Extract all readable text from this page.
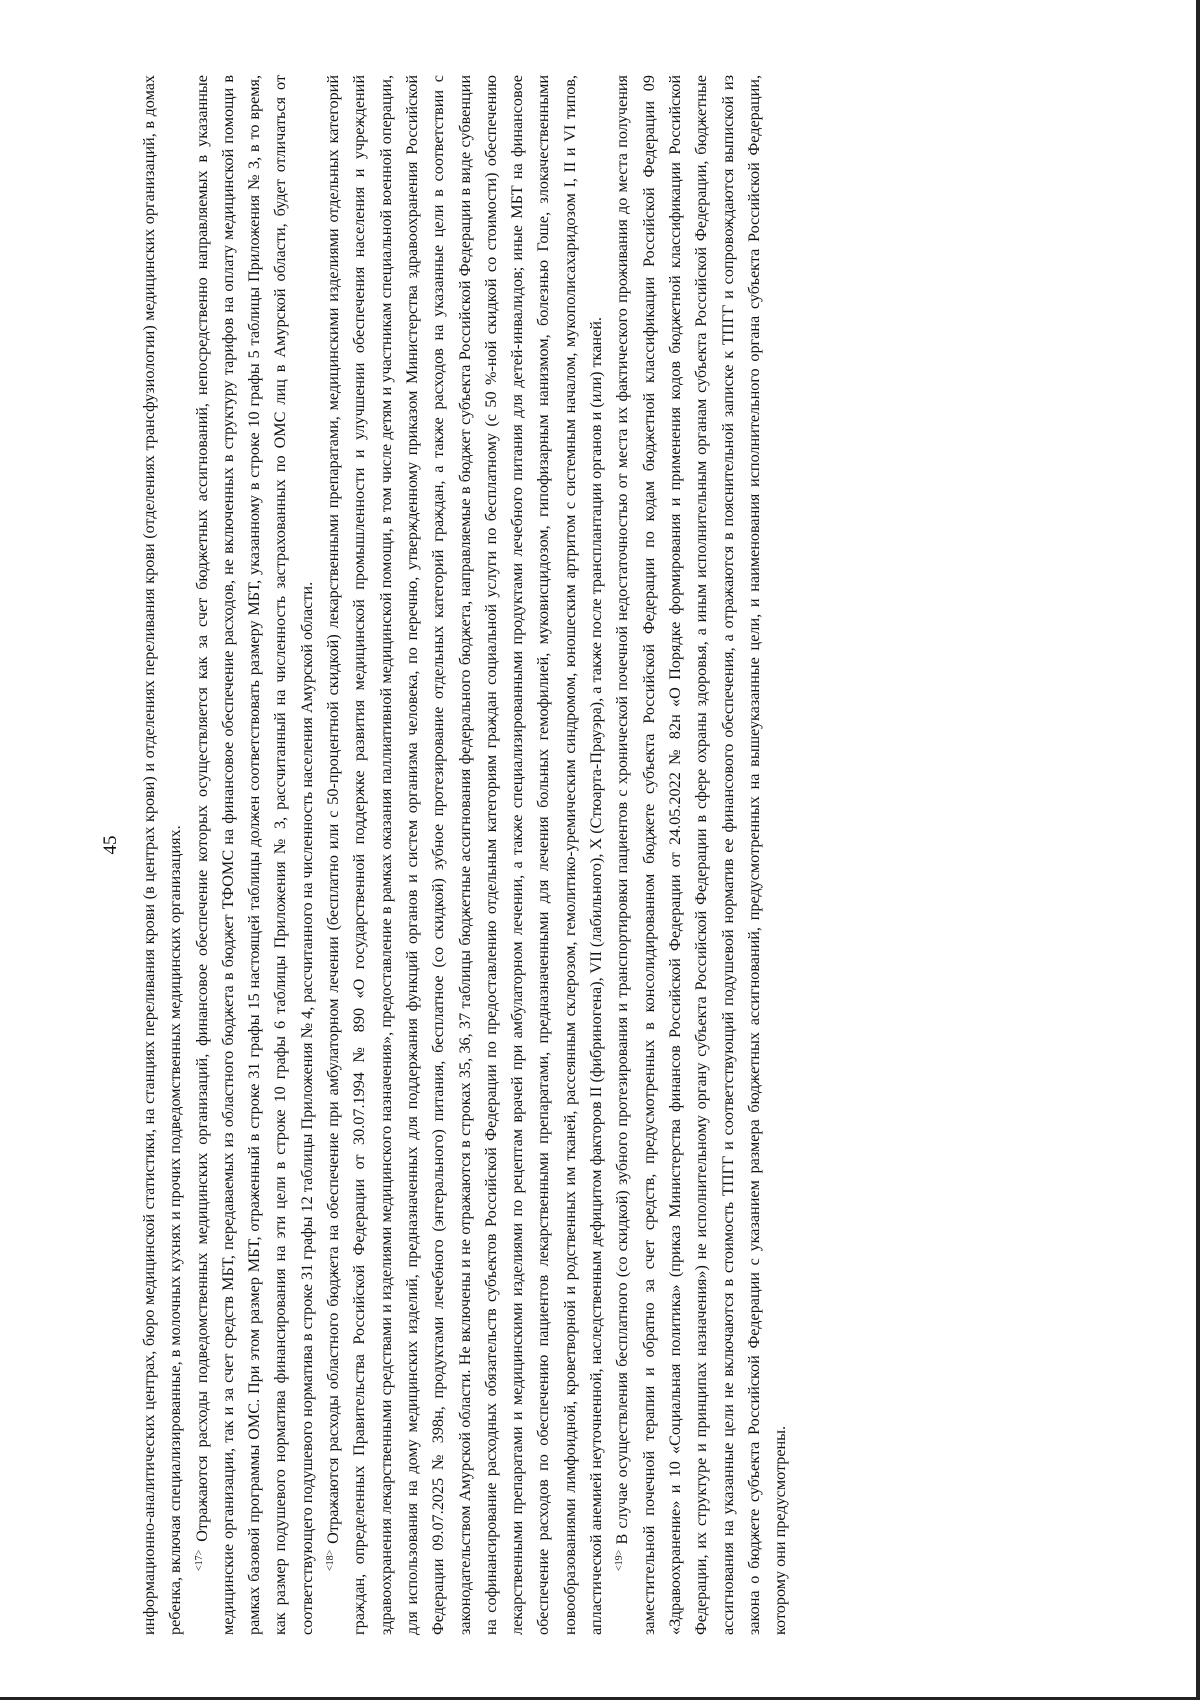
45 информационно-аналитических центрах, бюро медицинской статистики, на станциях переливания крови (в центрах крови) и отделениях переливания крови (отделениях трансфузиологии) медицинских организаций, в домах ребенка, включая специализированные, в молочных кухнях и прочих подведомственных медицинских организациях. $^{<17>}$ Отражаются расходы подведомственных медицинских организаций, финансовое обеспечение которых осуществляется как за счет бюджетных ассигнований, непосредственно направляемых в указанные медицинские организации, так и за счет средств МБТ, передаваемых из областного бюджета в бюджет ТФОМС на финансовое обеспечение расходов, не включенных в структуру тарифов на оплату медицинской помощи в рамках базовой программы ОМС. При этом размер МБТ, отраженный в строке 31 графы 15 настоящей таблицы должен соответствовать размеру МБТ, указанному в строке 10 графы 5 таблицы Приложения № 3, в то время, как размер подушевого норматива финансирования на эти цели в строке 10 графы 6 таблицы Приложения № 3, рассчитанный на численность застрахованных по ОМС лиц в Амурской области, будет отличаться от соответствующего подушевого норматива в строке 31 графы 12 таблицы Приложения № 4, рассчитанного на численность населения Амурской области. $^{<18>}$ Отражаются расходы областного бюджета на обеспечение при амбулаторном лечении (бесплатно или с 50-процентной скидкой) лекарственными препаратами, медицинскими изделиями отдельных категорий граждан, определенных Правительства Российской Федерации от 30.07.1994 № 890 «О государственной поддержке развития медицинской промышленности и улучшении обеспечения населения и учреждений здравоохранения лекарственными средствами и изделиями медицинского назначения», предоставление в рамках оказания паллиативной медицинской помощи, в том числе детям и участникам специальной военной операции, для использования на дому медицинских изделий, предназначенных для поддержания функций органов и систем организма человека, по перечню, утвержденному приказом Министерства здравоохранения Российской Федерации 09.07.2025 № 398н, продуктами лечебного (энтерального) питания, бесплатное (со скидкой) зубное протезирование отдельных категорий граждан, а также расходов на указанные цели в соответствии с законодательством Амурской области. Не включены и не отражаются в строках 35, 36, 37 таблицы бюджетные ассигнования федерального бюджета, направляемые в бюджет субъекта Российской Федерации в виде субвенции на софинансирование расходных обязательств субъектов Российской Федерации по предоставлению отдельным категориям граждан социальной услуги по бесплатному (с 50 %-ной скидкой со стоимости) обеспечению лекарственными препаратами и медицинскими изделиями по рецептам врачей при амбулаторном лечении, а также специализированными продуктами лечебного питания для детей-инвалидов; иные МБТ на финансовое обеспечение расходов по обеспечению пациентов лекарственными препаратами, предназначенными для лечения больных гемофилией, муковисцидозом, гипофизарным нанизмом, болезнью Гоше, злокачественными новообразованиями лимфоидной, кроветворной и родственных им тканей, рассеянным склерозом, гемолитико-уремическим синдромом, юношеским артритом с системным началом, мукополисахаридозом I, II и VI типов, апластической анемией неуточненной, наследственным дефицитом факторов II (фибриногена), VII (лабильного), X (Стюарта-Прауэра), а также после трансплантации органов и (или) тканей. $^{<19>}$ В случае осуществления бесплатного (со скидкой) зубного протезирования и транспортировки пациентов с хронической почечной недостаточностью от места их фактического проживания до места получения заместительной почечной терапии и обратно за счет средств, предусмотренных в консолидированном бюджете субъекта Российской Федерации по кодам бюджетной классификации Российской Федерации 09 «Здравоохранение» и 10 «Социальная политика» (приказ Министерства финансов Российской Федерации от 24.05.2022 № 82н «О Порядке формирования и применения кодов бюджетной классификации Российской Федерации, их структуре и принципах назначения») не исполнительному органу субъекта Российской Федерации в сфере охраны здоровья, а иным исполнительным органам субъекта Российской Федерации, бюджетные ассигнования на указанные цели не включаются в стоимость ТПГГ и соответствующий подушевой норматив ее финансового обеспечения, а отражаются в пояснительной записке к ТПГГ и сопровождаются выпиской из закона о бюджете субъекта Российской Федерации с указанием размера бюджетных ассигнований, предусмотренных на вышеуказанные цели, и наименования исполнительного органа субъекта Российской Федерации, которому они предусмотрены.
